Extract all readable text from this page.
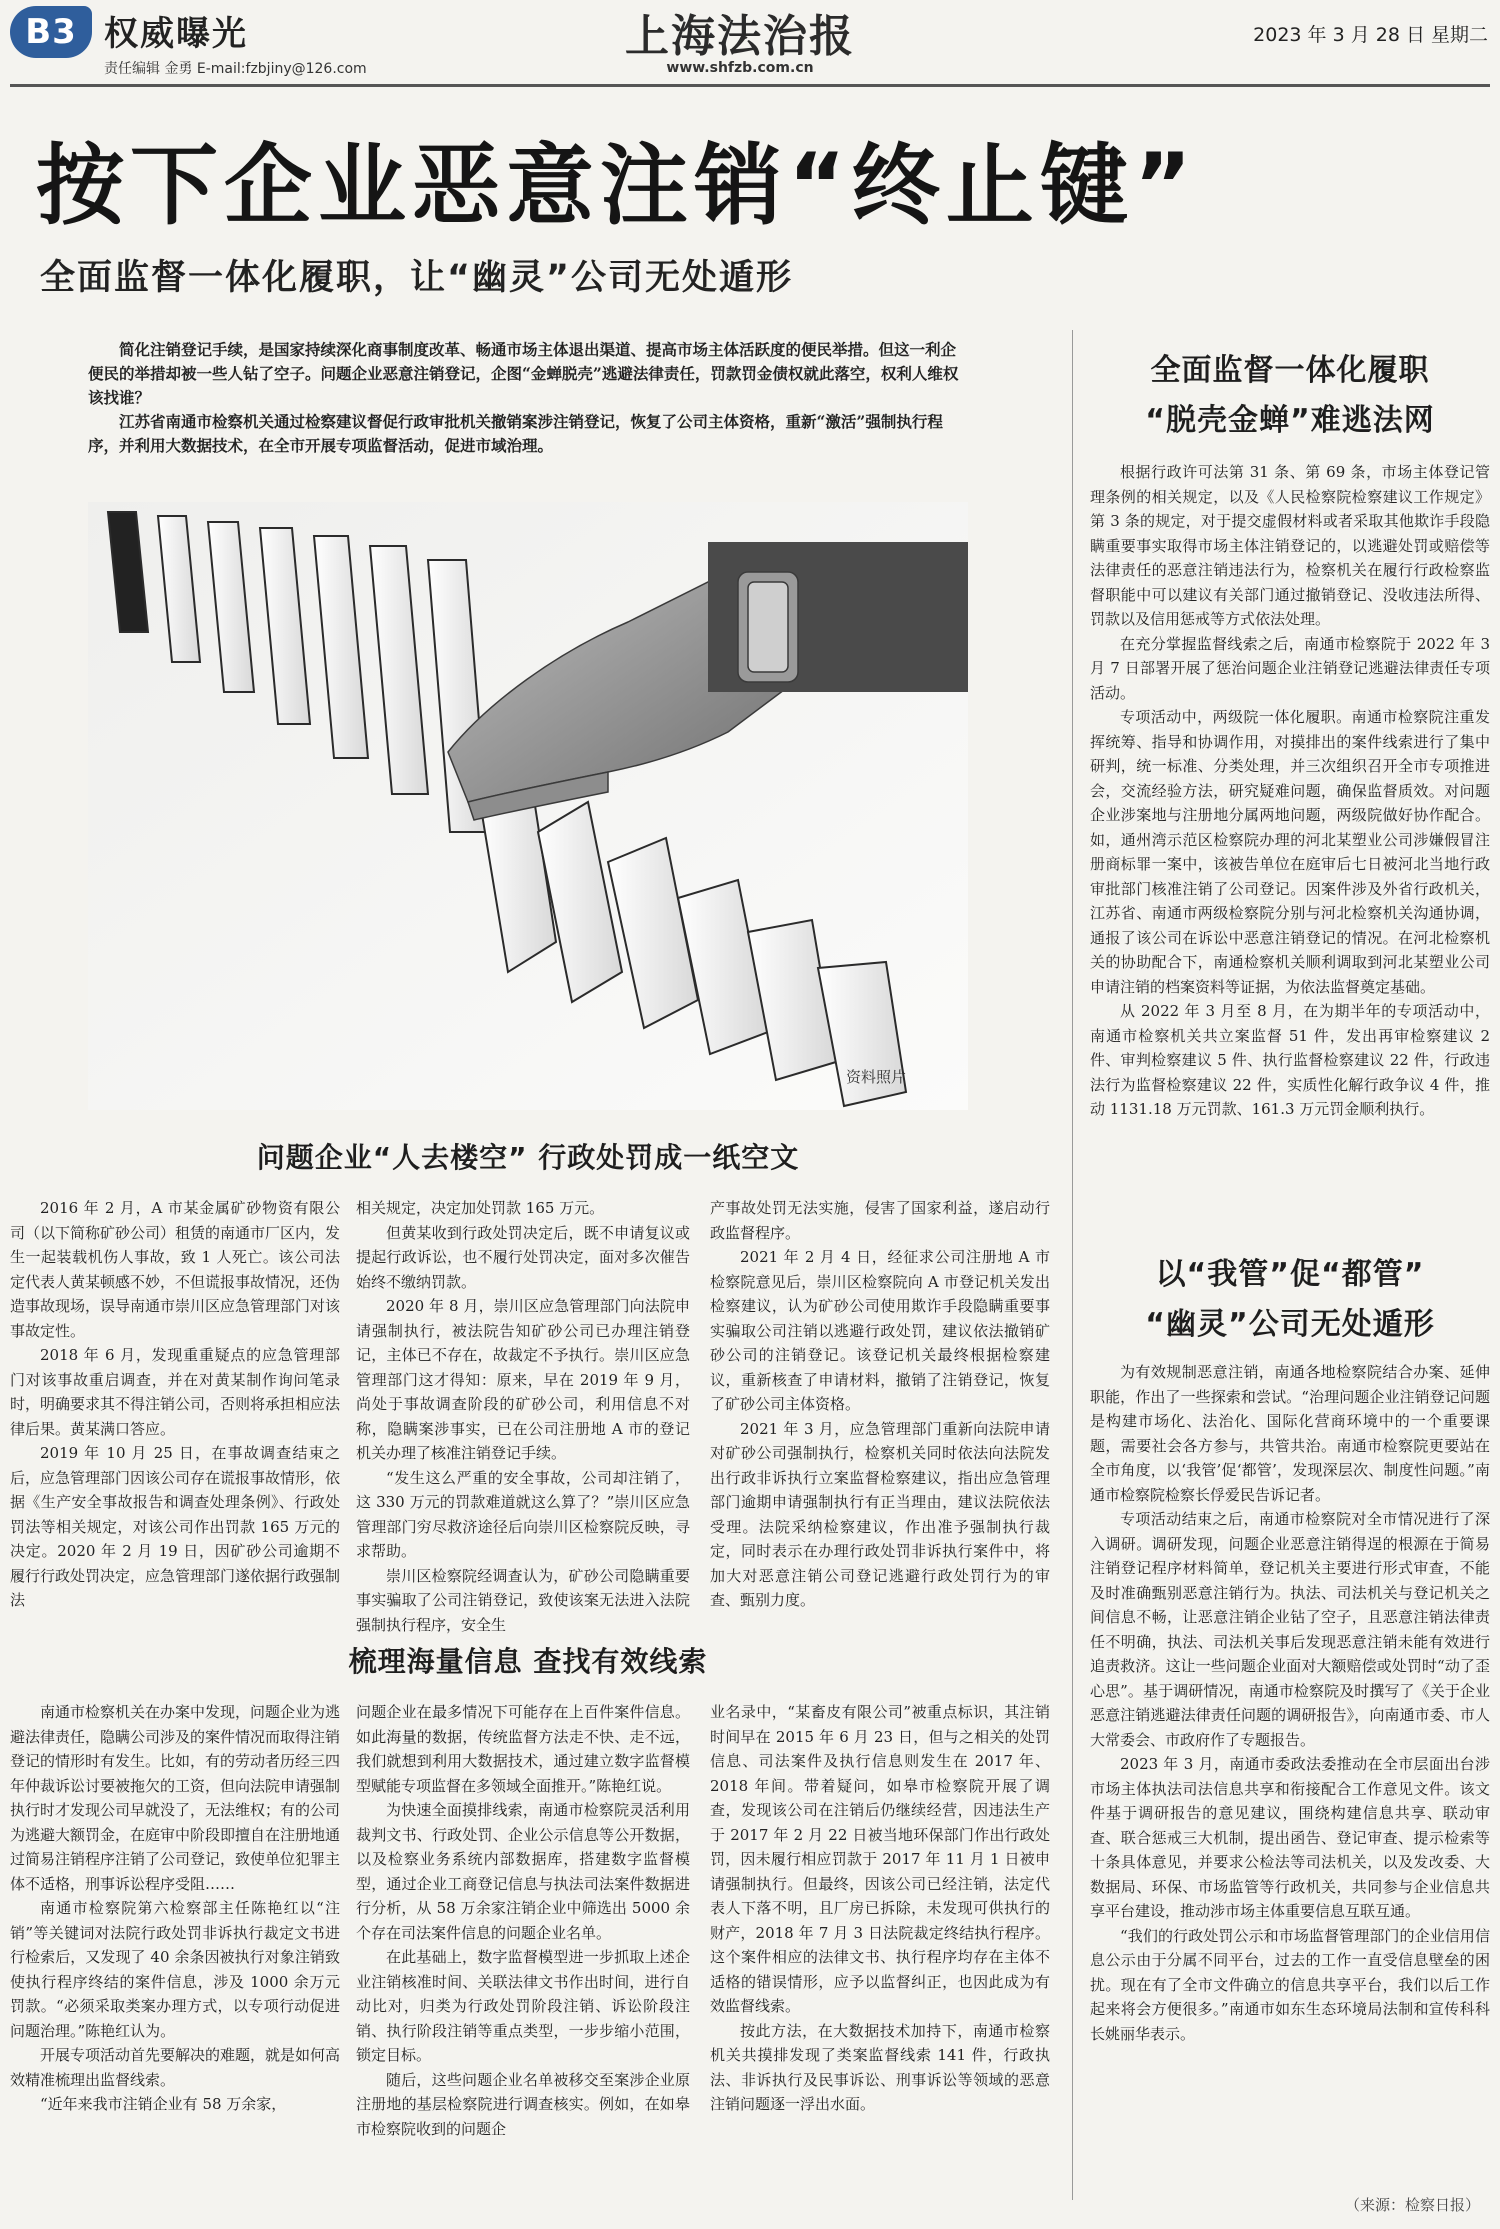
B3 权威曝光
责任编辑 金勇 E-mail:fzbjiny@126.com
上海法治报
www.shfzb.com.cn
2023 年 3 月 28 日 星期二
按下企业恶意注销“终止键”
全面监督一体化履职，让“幽灵”公司无处遁形

简化注销登记手续，是国家持续深化商事制度改革、畅通市场主体退出渠道、提高市场主体活跃度的便民举措。但这一利企便民的举措却被一些人钻了空子。问题企业恶意注销登记，企图“金蝉脱壳”逃避法律责任，罚款罚金债权就此落空，权利人维权该找谁？

江苏省南通市检察机关通过检察建议督促行政审批机关撤销案涉注销登记，恢复了公司主体资格，重新“激活”强制执行程序，并利用大数据技术，在全市开展专项监督活动，促进市域治理。

资料照片
问题企业“人去楼空” 行政处罚成一纸空文

2016 年 2 月，A 市某金属矿砂物资有限公司（以下简称矿砂公司）租赁的南通市厂区内，发生一起装载机伤人事故，致 1 人死亡。该公司法定代表人黄某顿感不妙，不但谎报事故情况，还伪造事故现场，误导南通市崇川区应急管理部门对该事故定性。

2018 年 6 月，发现重重疑点的应急管理部门对该事故重启调查，并在对黄某制作询问笔录时，明确要求其不得注销公司，否则将承担相应法律后果。黄某满口答应。

2019 年 10 月 25 日，在事故调查结束之后，应急管理部门因该公司存在谎报事故情形，依据《生产安全事故报告和调查处理条例》、行政处罚法等相关规定，对该公司作出罚款 165 万元的决定。2020 年 2 月 19 日，因矿砂公司逾期不履行行政处罚决定，应急管理部门遂依据行政强制法

相关规定，决定加处罚款 165 万元。

但黄某收到行政处罚决定后，既不申请复议或提起行政诉讼，也不履行处罚决定，面对多次催告始终不缴纳罚款。

2020 年 8 月，崇川区应急管理部门向法院申请强制执行，被法院告知矿砂公司已办理注销登记，主体已不存在，故裁定不予执行。崇川区应急管理部门这才得知：原来，早在 2019 年 9 月，尚处于事故调查阶段的矿砂公司，利用信息不对称，隐瞒案涉事实，已在公司注册地 A 市的登记机关办理了核准注销登记手续。

“发生这么严重的安全事故，公司却注销了，这 330 万元的罚款难道就这么算了？”崇川区应急管理部门穷尽救济途径后向崇川区检察院反映，寻求帮助。

崇川区检察院经调查认为，矿砂公司隐瞒重要事实骗取了公司注销登记，致使该案无法进入法院强制执行程序，安全生

产事故处罚无法实施，侵害了国家利益，遂启动行政监督程序。

2021 年 2 月 4 日，经征求公司注册地 A 市检察院意见后，崇川区检察院向 A 市登记机关发出检察建议，认为矿砂公司使用欺诈手段隐瞒重要事实骗取公司注销以逃避行政处罚，建议依法撤销矿砂公司的注销登记。该登记机关最终根据检察建议，重新核查了申请材料，撤销了注销登记，恢复了矿砂公司主体资格。

2021 年 3 月，应急管理部门重新向法院申请对矿砂公司强制执行，检察机关同时依法向法院发出行政非诉执行立案监督检察建议，指出应急管理部门逾期申请强制执行有正当理由，建议法院依法受理。法院采纳检察建议，作出准予强制执行裁定，同时表示在办理行政处罚非诉执行案件中，将加大对恶意注销公司登记逃避行政处罚行为的审查、甄别力度。

梳理海量信息 查找有效线索

南通市检察机关在办案中发现，问题企业为逃避法律责任，隐瞒公司涉及的案件情况而取得注销登记的情形时有发生。比如，有的劳动者历经三四年仲裁诉讼讨要被拖欠的工资，但向法院申请强制执行时才发现公司早就没了，无法维权；有的公司为逃避大额罚金，在庭审中阶段即擅自在注册地通过简易注销程序注销了公司登记，致使单位犯罪主体不适格，刑事诉讼程序受阻……

南通市检察院第六检察部主任陈艳红以“注销”等关键词对法院行政处罚非诉执行裁定文书进行检索后，又发现了 40 余条因被执行对象注销致使执行程序终结的案件信息，涉及 1000 余万元罚款。“必须采取类案办理方式，以专项行动促进问题治理。”陈艳红认为。

开展专项活动首先要解决的难题，就是如何高效精准梳理出监督线索。

“近年来我市注销企业有 58 万余家，

问题企业在最多情况下可能存在上百件案件信息。如此海量的数据，传统监督方法走不快、走不远，我们就想到利用大数据技术，通过建立数字监督模型赋能专项监督在多领域全面推开。”陈艳红说。

为快速全面摸排线索，南通市检察院灵活利用裁判文书、行政处罚、企业公示信息等公开数据，以及检察业务系统内部数据库，搭建数字监督模型，通过企业工商登记信息与执法司法案件数据进行分析，从 58 万余家注销企业中筛选出 5000 余个存在司法案件信息的问题企业名单。

在此基础上，数字监督模型进一步抓取上述企业注销核准时间、关联法律文书作出时间，进行自动比对，归类为行政处罚阶段注销、诉讼阶段注销、执行阶段注销等重点类型，一步步缩小范围，锁定目标。

随后，这些问题企业名单被移交至案涉企业原注册地的基层检察院进行调查核实。例如，在如皋市检察院收到的问题企

业名录中，“某畜皮有限公司”被重点标识，其注销时间早在 2015 年 6 月 23 日，但与之相关的处罚信息、司法案件及执行信息则发生在 2017 年、2018 年间。带着疑问，如皋市检察院开展了调查，发现该公司在注销后仍继续经营，因违法生产于 2017 年 2 月 22 日被当地环保部门作出行政处罚，因未履行相应罚款于 2017 年 11 月 1 日被申请强制执行。但最终，因该公司已经注销，法定代表人下落不明，且厂房已拆除，未发现可供执行的财产，2018 年 7 月 3 日法院裁定终结执行程序。这个案件相应的法律文书、执行程序均存在主体不适格的错误情形，应予以监督纠正，也因此成为有效监督线索。

按此方法，在大数据技术加持下，南通市检察机关共摸排发现了类案监督线索 141 件，行政执法、非诉执行及民事诉讼、刑事诉讼等领域的恶意注销问题逐一浮出水面。

全面监督一体化履职
“脱壳金蝉”难逃法网

根据行政许可法第 31 条、第 69 条，市场主体登记管理条例的相关规定，以及《人民检察院检察建议工作规定》第 3 条的规定，对于提交虚假材料或者采取其他欺诈手段隐瞒重要事实取得市场主体注销登记的，以逃避处罚或赔偿等法律责任的恶意注销违法行为，检察机关在履行行政检察监督职能中可以建议有关部门通过撤销登记、没收违法所得、罚款以及信用惩戒等方式依法处理。

在充分掌握监督线索之后，南通市检察院于 2022 年 3 月 7 日部署开展了惩治问题企业注销登记逃避法律责任专项活动。

专项活动中，两级院一体化履职。南通市检察院注重发挥统筹、指导和协调作用，对摸排出的案件线索进行了集中研判，统一标准、分类处理，并三次组织召开全市专项推进会，交流经验方法，研究疑难问题，确保监督质效。对问题企业涉案地与注册地分属两地问题，两级院做好协作配合。如，通州湾示范区检察院办理的河北某塑业公司涉嫌假冒注册商标罪一案中，该被告单位在庭审后七日被河北当地行政审批部门核准注销了公司登记。因案件涉及外省行政机关，江苏省、南通市两级检察院分别与河北检察机关沟通协调，通报了该公司在诉讼中恶意注销登记的情况。在河北检察机关的协助配合下，南通检察机关顺利调取到河北某塑业公司申请注销的档案资料等证据，为依法监督奠定基础。

从 2022 年 3 月至 8 月，在为期半年的专项活动中，南通市检察机关共立案监督 51 件，发出再审检察建议 2 件、审判检察建议 5 件、执行监督检察建议 22 件，行政违法行为监督检察建议 22 件，实质性化解行政争议 4 件，推动 1131.18 万元罚款、161.3 万元罚金顺利执行。

以“我管”促“都管”
“幽灵”公司无处遁形

为有效规制恶意注销，南通各地检察院结合办案、延伸职能，作出了一些探索和尝试。“治理问题企业注销登记问题是构建市场化、法治化、国际化营商环境中的一个重要课题，需要社会各方参与，共管共治。南通市检察院更要站在全市角度，以‘我管’促‘都管’，发现深层次、制度性问题。”南通市检察院检察长俘爱民告诉记者。

专项活动结束之后，南通市检察院对全市情况进行了深入调研。调研发现，问题企业恶意注销得逞的根源在于简易注销登记程序材料简单，登记机关主要进行形式审查，不能及时准确甄别恶意注销行为。执法、司法机关与登记机关之间信息不畅，让恶意注销企业钻了空子，且恶意注销法律责任不明确，执法、司法机关事后发现恶意注销未能有效进行追责救济。这让一些问题企业面对大额赔偿或处罚时“动了歪心思”。基于调研情况，南通市检察院及时撰写了《关于企业恶意注销逃避法律责任问题的调研报告》，向南通市委、市人大常委会、市政府作了专题报告。

2023 年 3 月，南通市委政法委推动在全市层面出台涉市场主体执法司法信息共享和衔接配合工作意见文件。该文件基于调研报告的意见建议，围绕构建信息共享、联动审查、联合惩戒三大机制，提出函告、登记审查、提示检索等十条具体意见，并要求公检法等司法机关，以及发改委、大数据局、环保、市场监管等行政机关，共同参与企业信息共享平台建设，推动涉市场主体重要信息互联互通。

“我们的行政处罚公示和市场监督管理部门的企业信用信息公示由于分属不同平台，过去的工作一直受信息壁垒的困扰。现在有了全市文件确立的信息共享平台，我们以后工作起来将会方便很多。”南通市如东生态环境局法制和宣传科科长姚丽华表示。

（来源：检察日报）
